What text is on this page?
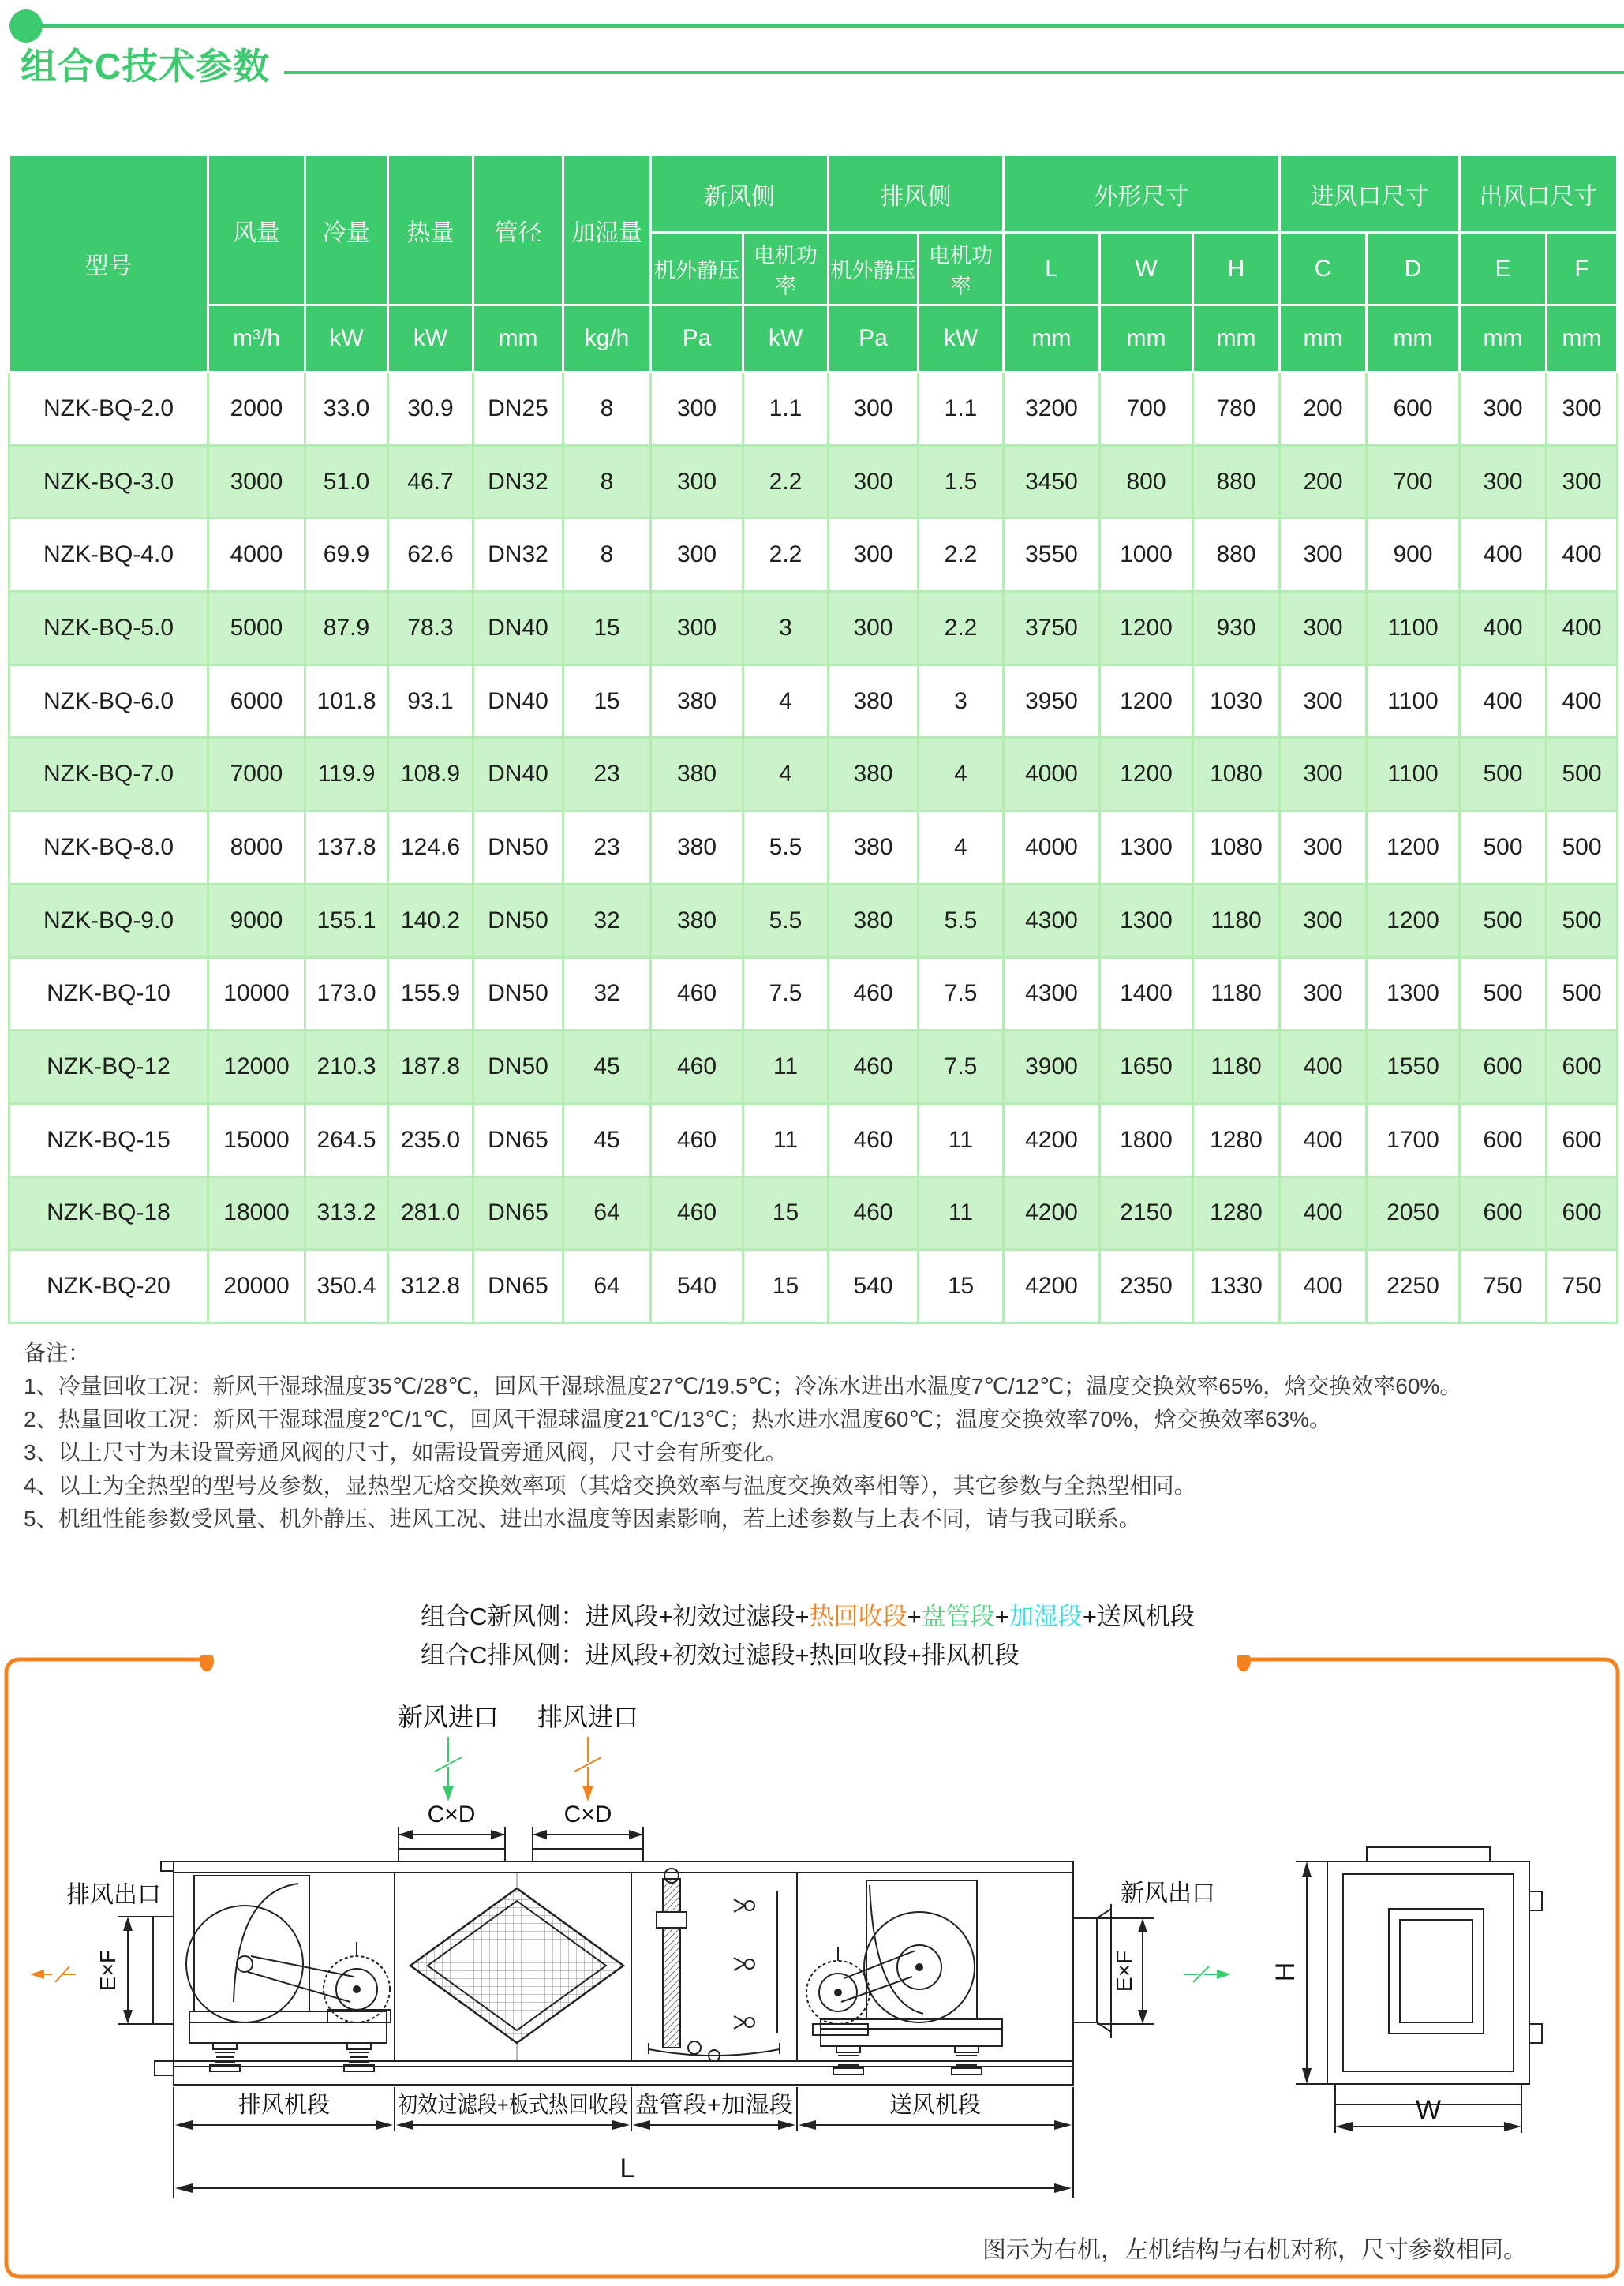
组合C技术参数
型号	风量	冷量	热量	管径	加湿量	新风侧		排风侧		外形尺寸			进风口尺寸		出风口尺寸	
						机外静压	电机功率	机外静压	电机功率	L	W	H	C	D	E	F
	m³/h	kW	kW	mm	kg/h	Pa	kW	Pa	kW	mm	mm	mm	mm	mm	mm	mm
NZK-BQ-2.0	2000	33.0	30.9	DN25	8	300	1.1	300	1.1	3200	700	780	200	600	300	300
NZK-BQ-3.0	3000	51.0	46.7	DN32	8	300	2.2	300	1.5	3450	800	880	200	700	300	300
NZK-BQ-4.0	4000	69.9	62.6	DN32	8	300	2.2	300	2.2	3550	1000	880	300	900	400	400
NZK-BQ-5.0	5000	87.9	78.3	DN40	15	300	3	300	2.2	3750	1200	930	300	1100	400	400
NZK-BQ-6.0	6000	101.8	93.1	DN40	15	380	4	380	3	3950	1200	1030	300	1100	400	400
NZK-BQ-7.0	7000	119.9	108.9	DN40	23	380	4	380	4	4000	1200	1080	300	1100	500	500
NZK-BQ-8.0	8000	137.8	124.6	DN50	23	380	5.5	380	4	4000	1300	1080	300	1200	500	500
NZK-BQ-9.0	9000	155.1	140.2	DN50	32	380	5.5	380	5.5	4300	1300	1180	300	1200	500	500
NZK-BQ-10	10000	173.0	155.9	DN50	32	460	7.5	460	7.5	4300	1400	1180	300	1300	500	500
NZK-BQ-12	12000	210.3	187.8	DN50	45	460	11	460	7.5	3900	1650	1180	400	1550	600	600
NZK-BQ-15	15000	264.5	235.0	DN65	45	460	11	460	11	4200	1800	1280	400	1700	600	600
NZK-BQ-18	18000	313.2	281.0	DN65	64	460	15	460	11	4200	2150	1280	400	2050	600	600
NZK-BQ-20	20000	350.4	312.8	DN65	64	540	15	540	15	4200	2350	1330	400	2250	750	750
备注：
1、冷量回收工况：新风干湿球温度35℃/28℃，回风干湿球温度27℃/19.5℃；冷冻水进出水温度7℃/12℃；温度交换效率65%，焓交换效率60%。
2、热量回收工况：新风干湿球温度2℃/1℃，回风干湿球温度21℃/13℃；热水进水温度60℃；温度交换效率70%，焓交换效率63%。
3、以上尺寸为未设置旁通风阀的尺寸，如需设置旁通风阀，尺寸会有所变化。
4、以上为全热型的型号及参数，显热型无焓交换效率项（其焓交换效率与温度交换效率相等），其它参数与全热型相同。
5、机组性能参数受风量、机外静压、进风工况、进出水温度等因素影响，若上述参数与上表不同，请与我司联系。
组合C新风侧：进风段+初效过滤段+热回收段+盘管段+加湿段+送风机段
组合C排风侧：进风段+初效过滤段+热回收段+排风机段
新风进口 排风进口
C×D	C×D
排风出口	新风出口
E×F	E×F
排风机段	初效过滤段+板式热回收段
盘管段+加湿段	送风机段
L
H
W
图示为右机，左机结构与右机对称，尺寸参数相同。
